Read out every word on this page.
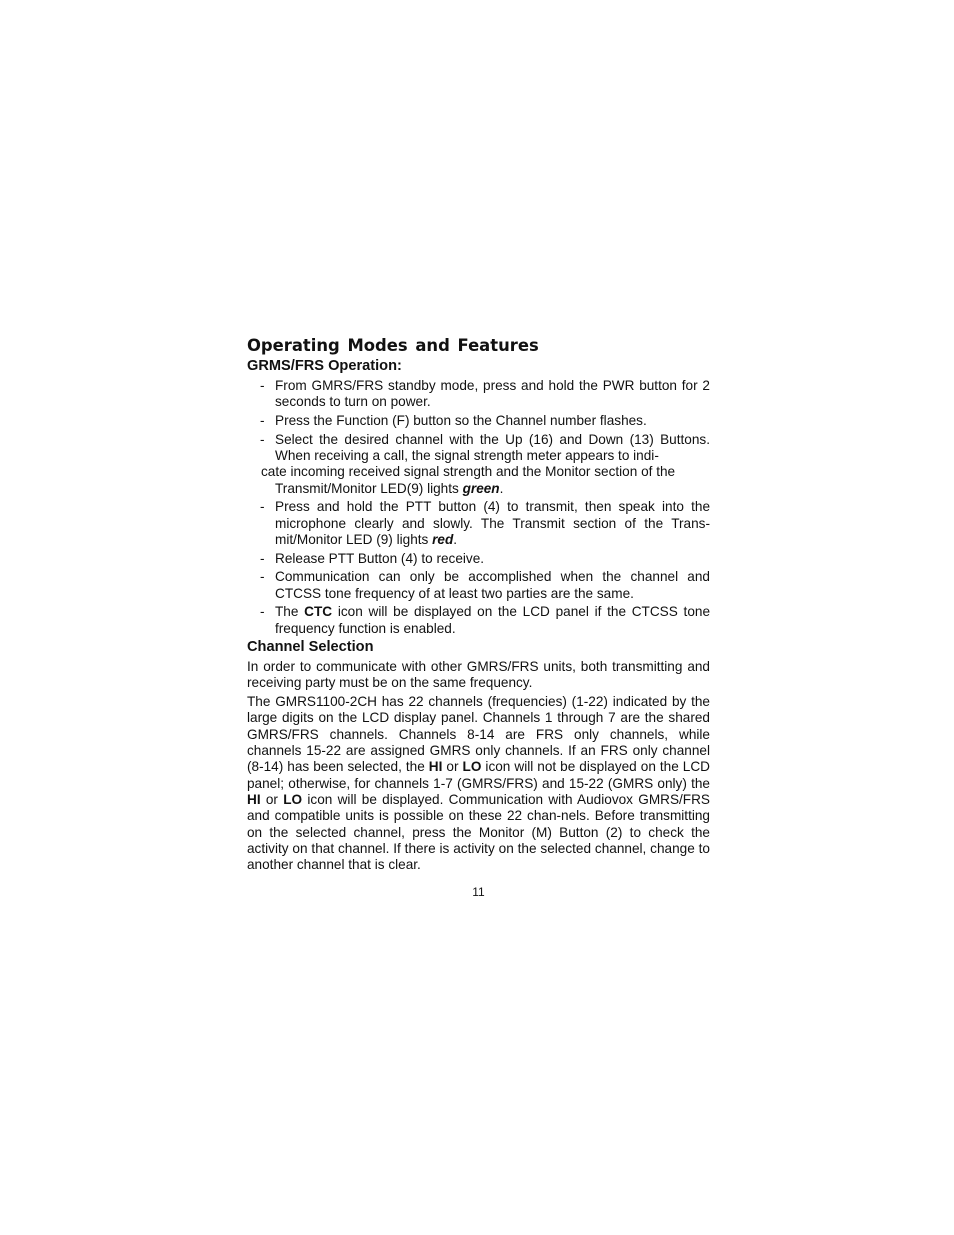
Operating Modes and Features
GRMS/FRS Operation:
- From GMRS/FRS standby mode, press and hold the PWR button for 2 seconds to turn on power.
- Press the Function (F) button so the Channel number flashes.
- Select the desired channel with the Up (16) and Down (13) Buttons. When receiving a call, the signal strength meter appears to indi-
cate incoming received signal strength and the Monitor section of the
Transmit/Monitor LED(9) lights green.
- Press and hold the PTT button (4) to transmit, then speak into the microphone clearly and slowly. The Transmit section of the Trans-mit/Monitor LED (9) lights red.
- Release PTT Button (4) to receive.
- Communication can only be accomplished when the channel and CTCSS tone frequency of at least two parties are the same.
- The CTC icon will be displayed on the LCD panel if the CTCSS tone frequency function is enabled.
Channel Selection

In order to communicate with other GMRS/FRS units, both transmitting and receiving party must be on the same frequency.

The GMRS1100-2CH has 22 channels (frequencies) (1-22) indicated by the large digits on the LCD display panel. Channels 1 through 7 are the shared GMRS/FRS channels. Channels 8-14 are FRS only channels, while channels 15-22 are assigned GMRS only channels. If an FRS only channel (8-14) has been selected, the HI or LO icon will not be displayed on the LCD panel; otherwise, for channels 1-7 (GMRS/FRS) and 15-22 (GMRS only) the HI or LO icon will be displayed. Communication with Audiovox GMRS/FRS and compatible units is possible on these 22 chan-nels. Before transmitting on the selected channel, press the Monitor (M) Button (2) to check the activity on that channel. If there is activity on the selected channel, change to another channel that is clear.

11
